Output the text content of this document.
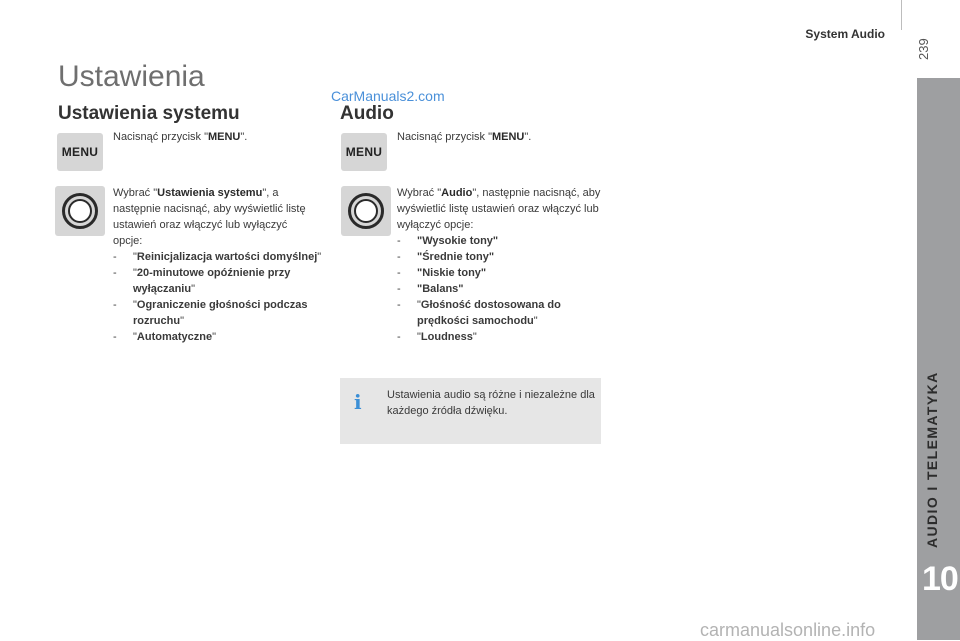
System Audio
239
AUDIO I TELEMATYKA
10
Ustawienia
CarManuals2.com
Ustawienia systemu	Audio
MENU
Nacisnąć przycisk "MENU".
Wybrać "Ustawienia systemu", a następnie nacisnąć, aby wyświetlić listę ustawień oraz włączyć lub wyłączyć opcje:
-	"Reinicjalizacja wartości domyślnej"
-	"20-minutowe opóźnienie przy wyłączaniu"
-	"Ograniczenie głośności podczas rozruchu"
-	"Automatyczne"
MENU
Nacisnąć przycisk "MENU".
Wybrać "Audio", następnie nacisnąć, aby wyświetlić listę ustawień oraz włączyć lub wyłączyć opcje:
-	"Wysokie tony"
-	"Średnie tony"
-	"Niskie tony"
-	"Balans"
-	"Głośność dostosowana do prędkości samochodu"
-	"Loudness"
i Ustawienia audio są różne i niezależne dla każdego źródła dźwięku.
carmanualsonline.info
